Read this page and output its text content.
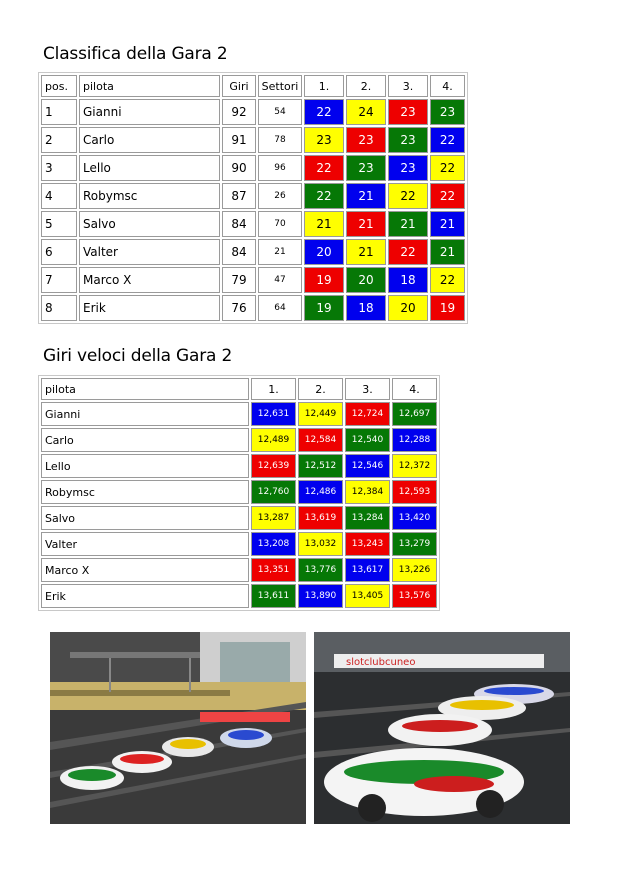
Classifica della Gara 2
pos.	pilota	Giri	Settori	1.	2.	3.	4.
1	Gianni	92	54	22	24	23	23
2	Carlo	91	78	23	23	23	22
3	Lello	90	96	22	23	23	22
4	Robymsc	87	26	22	21	22	22
5	Salvo	84	70	21	21	21	21
6	Valter	84	21	20	21	22	21
7	Marco X	79	47	19	20	18	22
8	Erik	76	64	19	18	20	19
Giri veloci della Gara 2
pilota	1.	2.	3.	4.
Gianni	12,631	12,449	12,724	12,697
Carlo	12,489	12,584	12,540	12,288
Lello	12,639	12,512	12,546	12,372
Robymsc	12,760	12,486	12,384	12,593
Salvo	13,287	13,619	13,284	13,420
Valter	13,208	13,032	13,243	13,279
Marco X	13,351	13,776	13,617	13,226
Erik	13,611	13,890	13,405	13,576
slotclubcuneo
